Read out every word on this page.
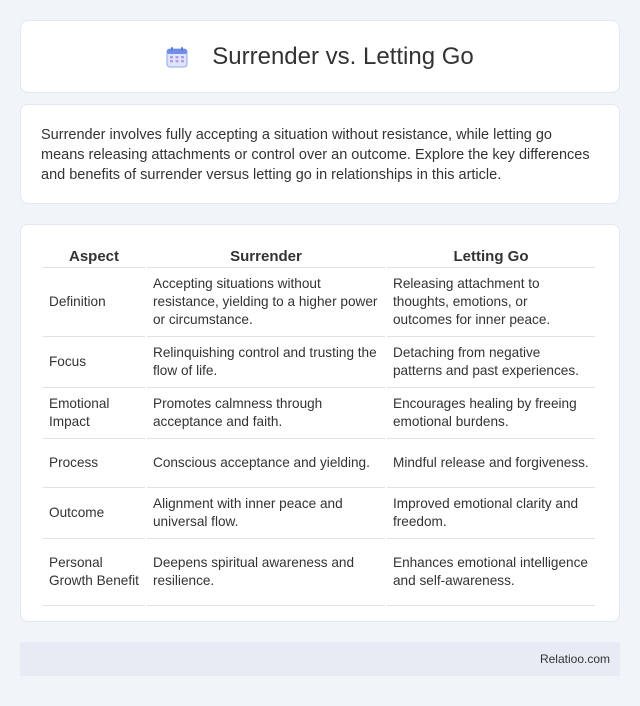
Surrender vs. Letting Go

Surrender involves fully accepting a situation without resistance, while letting go means releasing attachments or control over an outcome. Explore the key differences and benefits of surrender versus letting go in relationships in this article.

Aspect	Surrender	Letting Go
Definition	Accepting situations without resistance, yielding to a higher power or circumstance.	Releasing attachment to thoughts, emotions, or outcomes for inner peace.
Focus	Relinquishing control and trusting the flow of life.	Detaching from negative patterns and past experiences.
Emotional Impact	Promotes calmness through acceptance and faith.	Encourages healing by freeing emotional burdens.
Process	Conscious acceptance and yielding.	Mindful release and forgiveness.
Outcome	Alignment with inner peace and universal flow.	Improved emotional clarity and freedom.
Personal Growth Benefit	Deepens spiritual awareness and resilience.	Enhances emotional intelligence and self-awareness.
Relatioo.com
